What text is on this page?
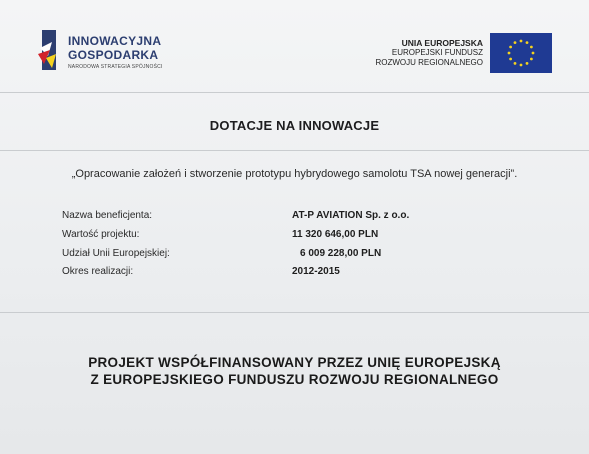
INNOWACYJNA
GOSPODARKA
NARODOWA STRATEGIA SPÓJNOŚCI
UNIA EUROPEJSKA
EUROPEJSKI FUNDUSZ
ROZWOJU REGIONALNEGO
DOTACJE NA INNOWACJE
„Opracowanie założeń i stworzenie prototypu hybrydowego samolotu TSA nowej generacji”.
Nazwa beneficjenta:	AT-P AVIATION Sp. z o.o.
Wartość projektu:	11 320 646,00 PLN
Udział Unii Europejskiej:	6 009 228,00 PLN
Okres realizacji:	2012-2015
PROJEKT WSPÓŁFINANSOWANY PRZEZ UNIĘ EUROPEJSKĄ
Z EUROPEJSKIEGO FUNDUSZU ROZWOJU REGIONALNEGO
